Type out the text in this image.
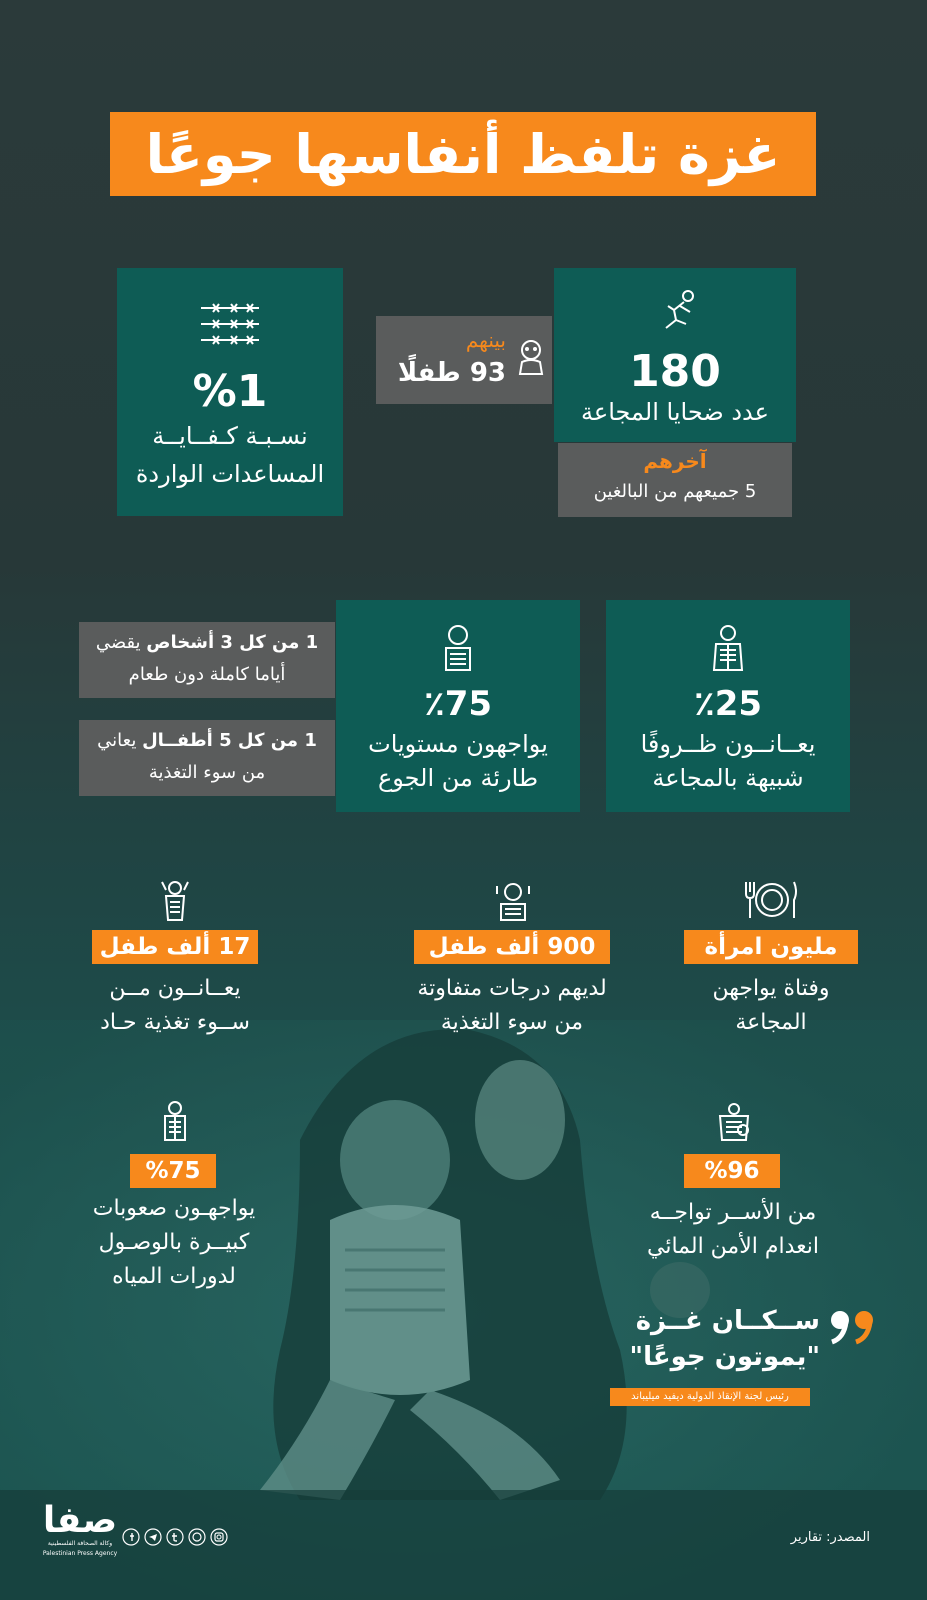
غزة تلفظ أنفاسها جوعًا
180
عدد ضحايا المجاعة
بينهم
93 طفلًا
آخرهم
5 جميعهم من البالغين
%1
نسـبـة كـفــايــة
المساعدات الواردة
٪25
يعــانــون ظــروفًا
شبيهة بالمجاعة
٪75
يواجهون مستويات
طارئة من الجوع
1 من كل 3 أشخاص يقضي
أياما كاملة دون طعام
1 من كل 5 أطفــال يعاني
من سوء التغذية
مليون امرأة
وفتاة يواجهن
المجاعة
900 ألف طفل
لديهم درجات متفاوتة
من سوء التغذية
17 ألف طفل
يعــانــون مــن
ســوء تغذية حـاد
%96
من الأســر تواجــه
انعدام الأمن المائي
%75
يواجهـون صعوبات
كبيــرة بالوصـول
لدورات المياه
ســكــان غــزة
"يموتون جوعًا"
رئيس لجنة الإنقاذ الدولية ديفيد ميليباند
صفا
وكالة الصحافة الفلسطينية
Palestinian Press Agency
المصدر: تقارير
